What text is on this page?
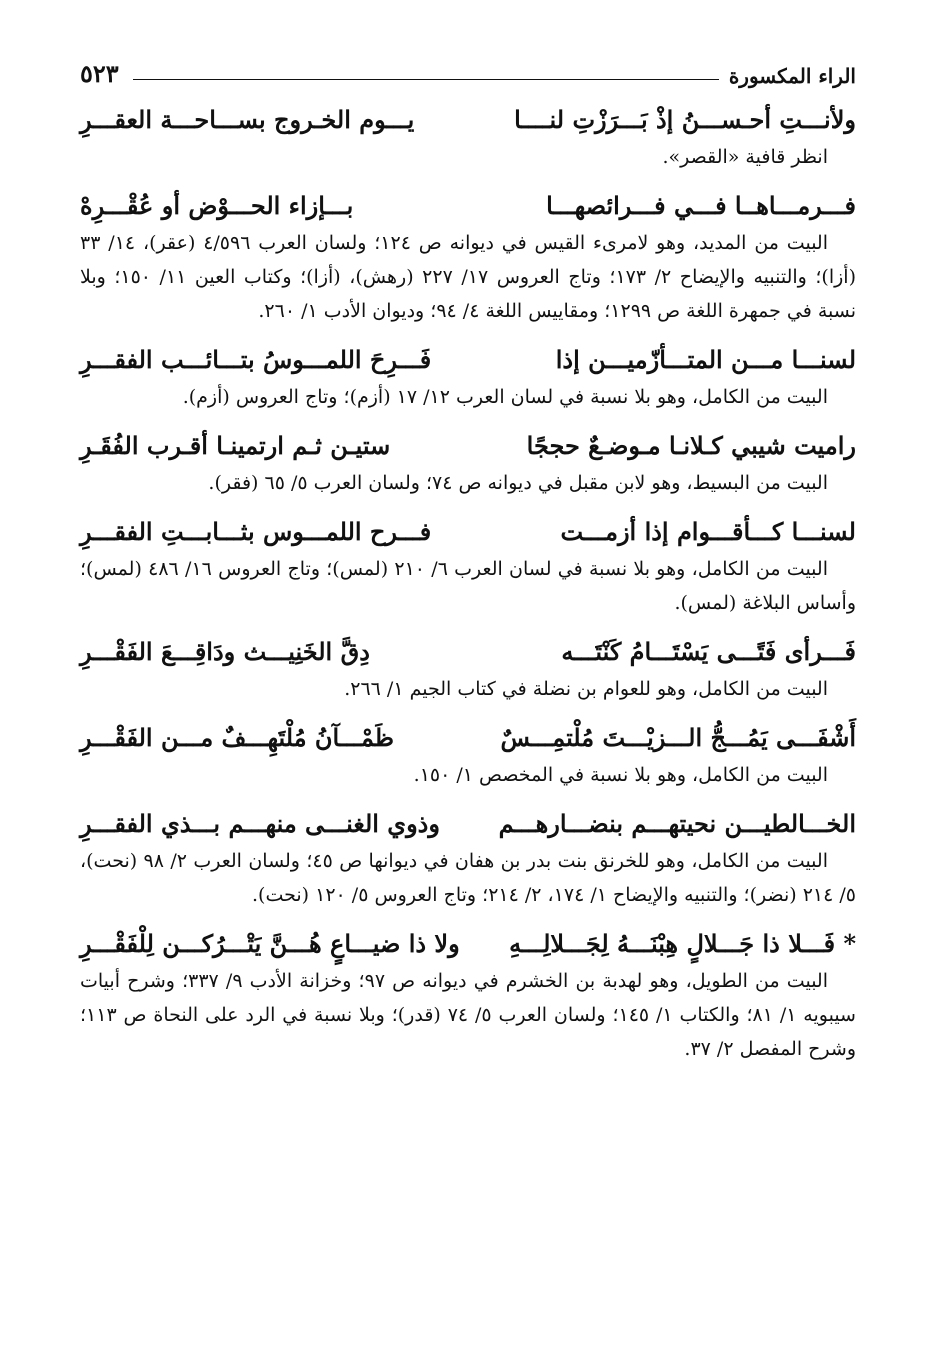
الراء المكسورة
٥٢٣
ولأنـــتِ أحـســـنُ إذْ بَـــرَزْتِ لنــــا
يـــوم الخـروج بســـاحـــة العقـــرِ
انظر قافية «القصر».
فـــرمـــاهــا فـــي فـــرائصهـــا
بـــإزاء الحـــوْض أو عُقْـــرِهْ
البيت من المديد، وهو لامرىء القيس في ديوانه ص ١٢٤؛ ولسان العرب ٤/٥٩٦ (عقر)، ١٤/ ٣٣ (أزا)؛ والتنبيه والإيضاح ٢/ ١٧٣؛ وتاج العروس ١٧/ ٢٢٧ (رهش)، (أزا)؛ وكتاب العين ١١/ ١٥٠؛ وبلا نسبة في جمهرة اللغة ص ١٢٩٩؛ ومقاييس اللغة ٤/ ٩٤؛ وديوان الأدب ١/ ٢٦٠.
لسنـــا مـــن المتـــأزّميـــن إذا
فَـــرِحَ اللمـــوسُ بتـــائـــب الفقـــرِ
البيت من الكامل، وهو بلا نسبة في لسان العرب ١٢/ ١٧ (أزم)؛ وتاج العروس (أزم).
راميت شيبي كـلانـا مـوضـعٌ حججًا
ستيـن ثـم ارتمينـا أقـرب الفُقَـرِ
البيت من البسيط، وهو لابن مقبل في ديوانه ص ٧٤؛ ولسان العرب ٥/ ٦٥ (فقر).
لسنـــا كـــأقـــوام إذا أزمـــت
فـــرح اللمـــوس بثـــابـــتِ الفقـــرِ
البيت من الكامل، وهو بلا نسبة في لسان العرب ٦/ ٢١٠ (لمس)؛ وتاج العروس ١٦/ ٤٨٦ (لمس)؛ وأساس البلاغة (لمس).
فَـــرأى فَتًـــى يَسْتَـــامُ كَنْتَـــه
دِقَّ الخَنِيـــث ودَاقِـــعَ الفَقْـــرِ
البيت من الكامل، وهو للعوام بن نضلة في كتاب الجيم ١/ ٢٦٦.
أَشْفَـــى يَمُـــجُّ الـــزيْـــتَ مُلْتمِـــسٌ
ظَمْـــآنُ مُلْتَهِـــفٌ مـــن الفَقْـــرِ
البيت من الكامل، وهو بلا نسبة في المخصص ١/ ١٥٠.
الخـــالطيـــن نحيتهـــم بنضـــارهـــم
وذوي الغنـــى منهـــم بـــذي الفقـــرِ
البيت من الكامل، وهو للخرنق بنت بدر بن هفان في ديوانها ص ٤٥؛ ولسان العرب ٢/ ٩٨ (نحت)، ٥/ ٢١٤ (نضر)؛ والتنبيه والإيضاح ١/ ١٧٤، ٢/ ٢١٤؛ وتاج العروس ٥/ ١٢٠ (نحت).
* فَـــلا ذا جَـــلالٍ هِبْنَـــهُ لِجَـــلالِـــهِ
ولا ذا ضيـــاعٍ هُـــنَّ يَتْـــرُكـــن لِلْفَقْـــرِ
البيت من الطويل، وهو لهدبة بن الخشرم في ديوانه ص ٩٧؛ وخزانة الأدب ٩/ ٣٣٧؛ وشرح أبيات سيبويه ١/ ٨١؛ والكتاب ١/ ١٤٥؛ ولسان العرب ٥/ ٧٤ (قدر)؛ وبلا نسبة في الرد على النحاة ص ١١٣؛ وشرح المفصل ٢/ ٣٧.
